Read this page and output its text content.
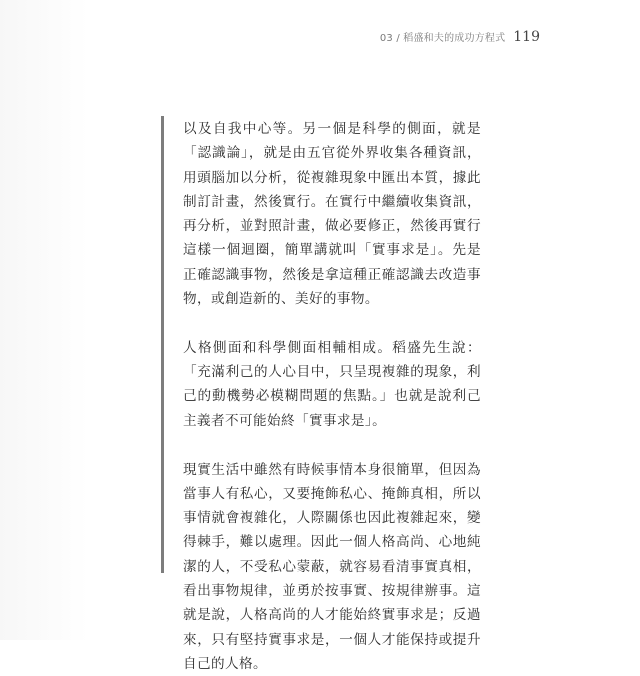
03 / 稻盛和夫的成功方程式 119

以及自我中心等。另一個是科學的側面，就是「認識論」，就是由五官從外界收集各種資訊，用頭腦加以分析，從複雜現象中匯出本質，據此制訂計畫，然後實行。在實行中繼續收集資訊，再分析，並對照計畫，做必要修正，然後再實行這樣一個迴圈，簡單講就叫「實事求是」。先是正確認識事物，然後是拿這種正確認識去改造事物，或創造新的、美好的事物。

人格側面和科學側面相輔相成。稻盛先生說：「充滿利己的人心目中，只呈現複雜的現象，利己的動機勢必模糊問題的焦點。」也就是說利己主義者不可能始終「實事求是」。

現實生活中雖然有時候事情本身很簡單，但因為當事人有私心，又要掩飾私心、掩飾真相，所以事情就會複雜化，人際關係也因此複雜起來，變得棘手，難以處理。因此一個人格高尚、心地純潔的人，不受私心蒙蔽，就容易看清事實真相，看出事物規律，並勇於按事實、按規律辦事。這就是說，人格高尚的人才能始終實事求是；反過來，只有堅持實事求是，一個人才能保持或提升自己的人格。
